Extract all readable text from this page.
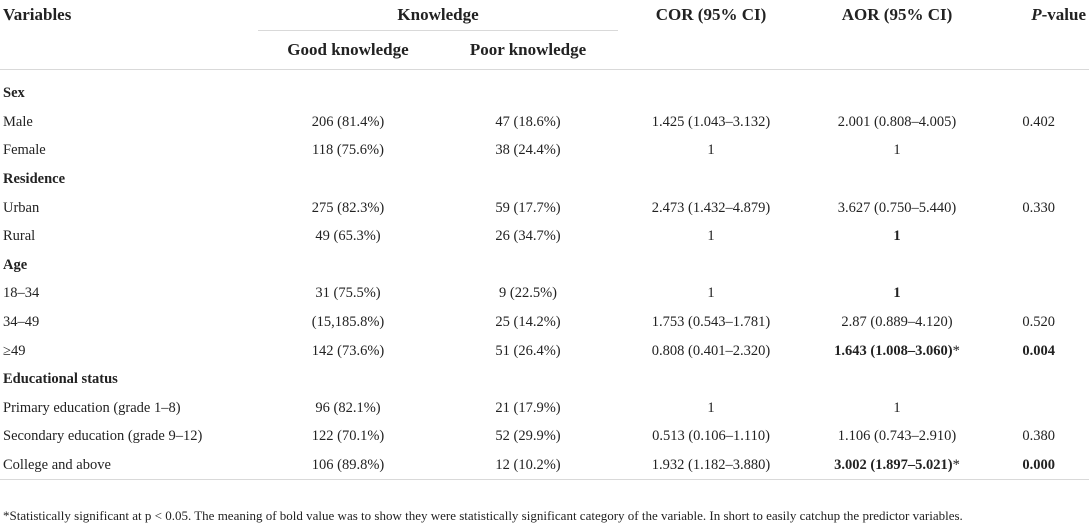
Variables	Knowledge		COR (95% CI)	AOR (95% CI)	P-value
	Good knowledge	Poor knowledge			

Sex					
Male	206 (81.4%)	47 (18.6%)	1.425 (1.043–3.132)	2.001 (0.808–4.005)	0.402
Female	118 (75.6%)	38 (24.4%)	1	1	
Residence					
Urban	275 (82.3%)	59 (17.7%)	2.473 (1.432–4.879)	3.627 (0.750–5.440)	0.330
Rural	49 (65.3%)	26 (34.7%)	1	1	
Age					
18–34	31 (75.5%)	9 (22.5%)	1	1	
34–49	(15,185.8%)	25 (14.2%)	1.753 (0.543–1.781)	2.87 (0.889–4.120)	0.520
≥49	142 (73.6%)	51 (26.4%)	0.808 (0.401–2.320)	1.643 (1.008–3.060)*	0.004
Educational status					
Primary education (grade 1–8)	96 (82.1%)	21 (17.9%)	1	1	
Secondary education (grade 9–12)	122 (70.1%)	52 (29.9%)	0.513 (0.106–1.110)	1.106 (0.743–2.910)	0.380
College and above	106 (89.8%)	12 (10.2%)	1.932 (1.182–3.880)	3.002 (1.897–5.021)*	0.000

*Statistically significant at p < 0.05. The meaning of bold value was to show they were statistically significant category of the variable. In short to easily catchup the predictor variables.
